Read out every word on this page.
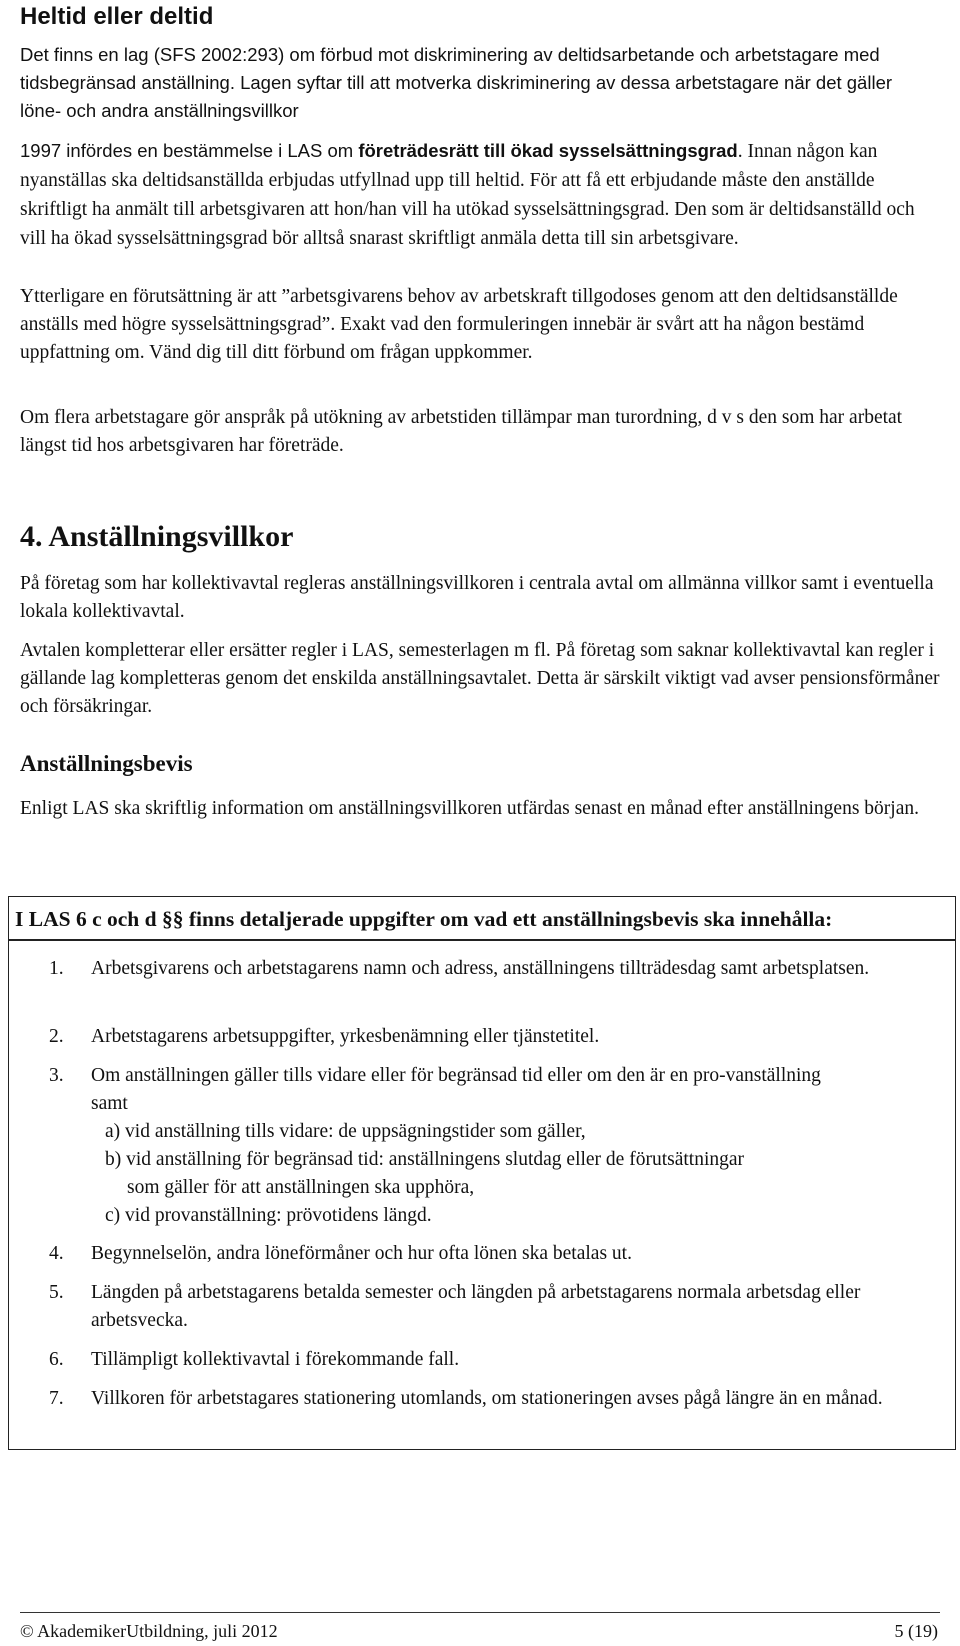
Heltid eller deltid

Det finns en lag (SFS 2002:293) om förbud mot diskriminering av deltidsarbetande och arbetstagare med tidsbegränsad anställning. Lagen syftar till att motverka diskriminering av dessa arbetstagare när det gäller löne- och andra anställningsvillkor

1997 infördes en bestämmelse i LAS om företrädesrätt till ökad sysselsättningsgrad. Innan någon kan nyanställas ska deltidsanställda erbjudas utfyllnad upp till heltid. För att få ett erbjudande måste den anställde skriftligt ha anmält till arbetsgivaren att hon/han vill ha utökad sysselsättningsgrad. Den som är deltidsanställd och vill ha ökad sysselsättningsgrad bör alltså snarast skriftligt anmäla detta till sin arbetsgivare.

Ytterligare en förutsättning är att ”arbetsgivarens behov av arbetskraft tillgodoses genom att den deltidsanställde anställs med högre sysselsättningsgrad”. Exakt vad den formuleringen innebär är svårt att ha någon bestämd uppfattning om. Vänd dig till ditt förbund om frågan uppkommer.

Om flera arbetstagare gör anspråk på utökning av arbetstiden tillämpar man turordning, d v s den som har arbetat längst tid hos arbetsgivaren har företräde.

4. Anställningsvillkor

På företag som har kollektivavtal regleras anställningsvillkoren i centrala avtal om allmänna villkor samt i eventuella lokala kollektivavtal.

Avtalen kompletterar eller ersätter regler i LAS, semesterlagen m fl. På företag som saknar kollektivavtal kan regler i gällande lag kompletteras genom det enskilda anställningsavtalet. Detta är särskilt viktigt vad avser pensionsförmåner och försäkringar.

Anställningsbevis

Enligt LAS ska skriftlig information om anställningsvillkoren utfärdas senast en månad efter anställningens början.

I LAS 6 c och d §§ finns detaljerade uppgifter om vad ett anställningsbevis ska innehålla:
1.	Arbetsgivarens och arbetstagarens namn och adress, anställningens tillträdesdag samt arbetsplatsen.
2.	Arbetstagarens arbetsuppgifter, yrkesbenämning eller tjänstetitel.
3.	Om anställningen gäller tills vidare eller för begränsad tid eller om den är en pro-vanställning samt
a) vid anställning tills vidare: de uppsägningstider som gäller,
b) vid anställning för begränsad tid: anställningens slutdag eller de förutsättningar
som gäller för att anställningen ska upphöra,
c) vid provanställning: prövotidens längd.
4.	Begynnelselön, andra löneförmåner och hur ofta lönen ska betalas ut.
5.	Längden på arbetstagarens betalda semester och längden på arbetstagarens normala arbetsdag eller arbetsvecka.
6.	Tillämpligt kollektivavtal i förekommande fall.
7.	Villkoren för arbetstagares stationering utomlands, om stationeringen avses pågå längre än en månad.
© AkademikerUtbildning, juli 2012	5 (19)
